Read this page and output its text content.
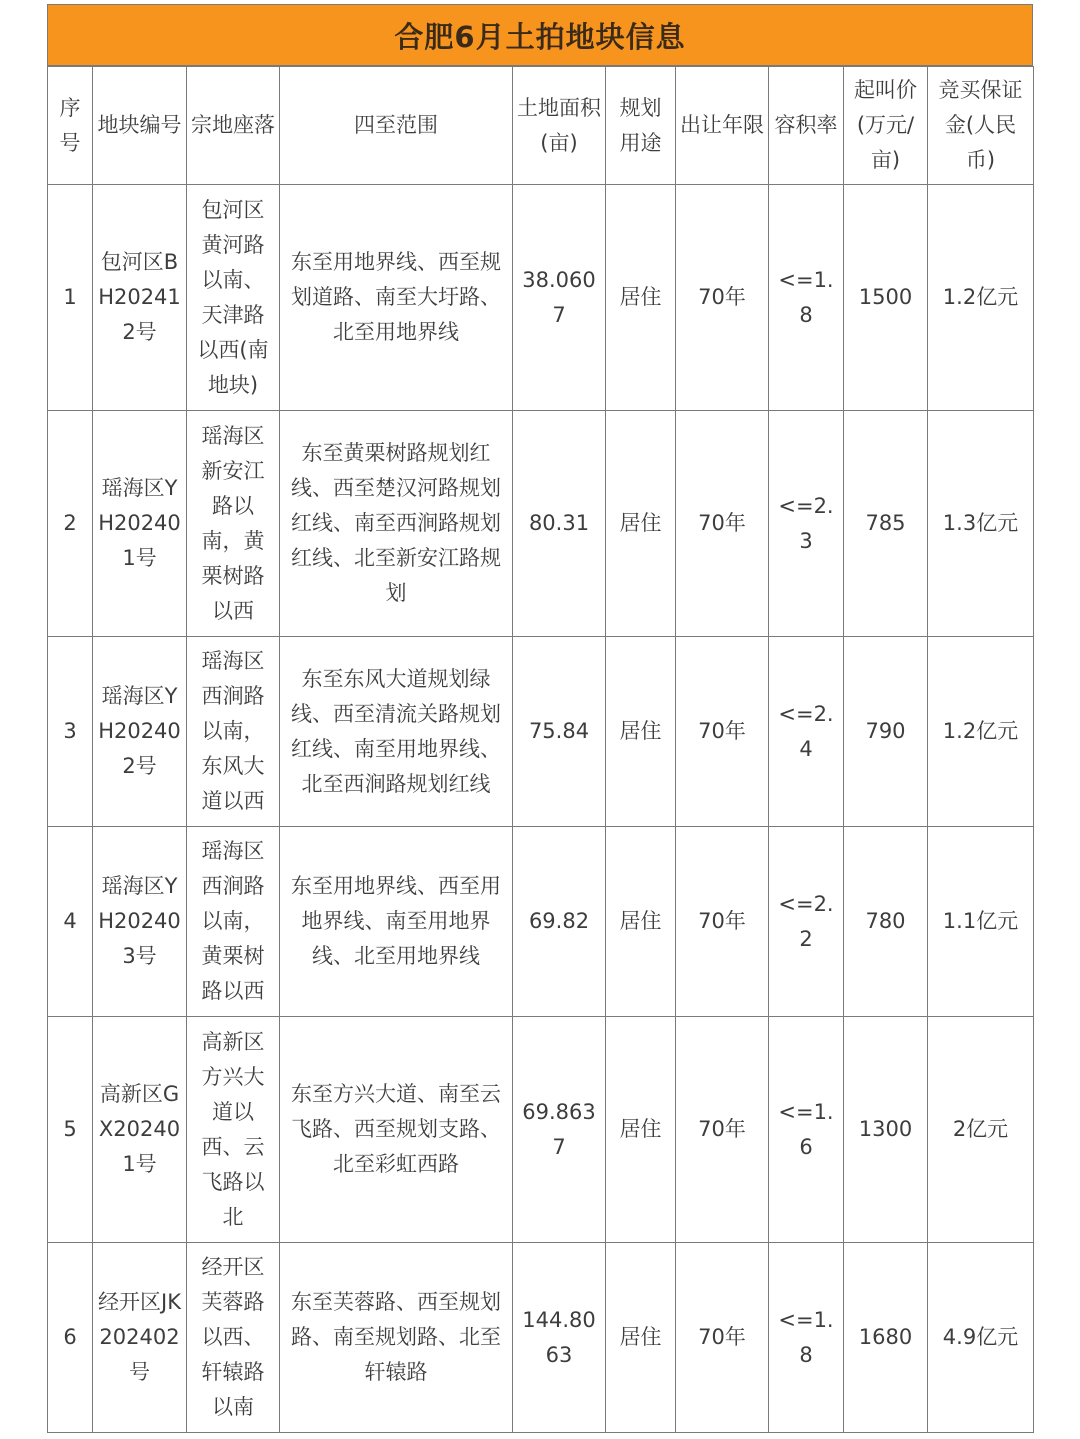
合肥6月土拍地块信息
序号	地块编号	宗地座落	四至范围	土地面积(亩)	规划用途	出让年限	容积率	起叫价(万元/亩)	竞买保证金(人民币)
1	包河区BH202412号	包河区黄河路以南、天津路以西(南地块)	东至用地界线、西至规划道路、南至大圩路、北至用地界线	38.0607	居住	70年	<=1.8	1500	1.2亿元
2	瑶海区YH202401号	瑶海区新安江路以南，黄栗树路以西	东至黄栗树路规划红线、西至楚汉河路规划红线、南至西涧路规划红线、北至新安江路规划	80.31	居住	70年	<=2.3	785	1.3亿元
3	瑶海区YH202402号	瑶海区西涧路以南，东风大道以西	东至东风大道规划绿线、西至清流关路规划红线、南至用地界线、北至西涧路规划红线	75.84	居住	70年	<=2.4	790	1.2亿元
4	瑶海区YH202403号	瑶海区西涧路以南，黄栗树路以西	东至用地界线、西至用地界线、南至用地界线、北至用地界线	69.82	居住	70年	<=2.2	780	1.1亿元
5	高新区GX202401号	高新区方兴大道以西、云飞路以北	东至方兴大道、南至云飞路、西至规划支路、北至彩虹西路	69.8637	居住	70年	<=1.6	1300	2亿元
6	经开区JK202402号	经开区芙蓉路以西、轩辕路以南	东至芙蓉路、西至规划路、南至规划路、北至轩辕路	144.8063	居住	70年	<=1.8	1680	4.9亿元
